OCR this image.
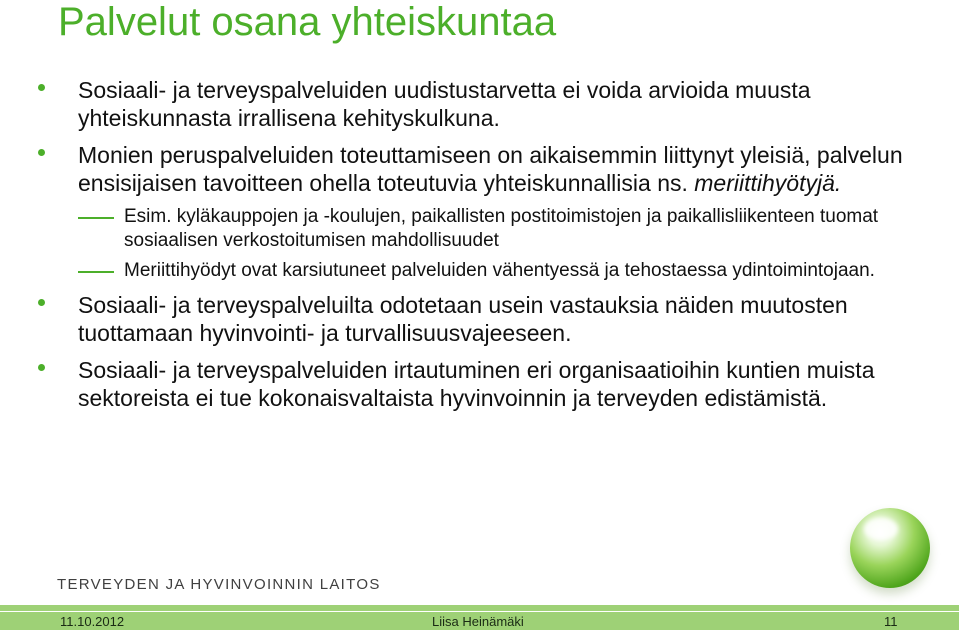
Palvelut osana yhteiskuntaa
Sosiaali- ja terveyspalveluiden uudistustarvetta ei voida arvioida muusta yhteiskunnasta irrallisena kehityskulkuna.
Monien peruspalveluiden toteuttamiseen on aikaisemmin liittynyt yleisiä, palvelun ensisijaisen tavoitteen ohella toteutuvia yhteiskunnallisia ns. meriittihyötyjä.
Esim. kyläkauppojen ja -koulujen, paikallisten postitoimistojen ja paikallisliikenteen tuomat sosiaalisen verkostoitumisen mahdollisuudet
Meriittihyödyt ovat karsiutuneet palveluiden vähentyessä ja tehostaessa ydintoimintojaan.
Sosiaali- ja terveyspalveluilta odotetaan usein vastauksia näiden muutosten tuottamaan hyvinvointi- ja turvallisuusvajeeseen.
Sosiaali- ja terveyspalveluiden irtautuminen eri organisaatioihin kuntien muista sektoreista ei tue kokonaisvaltaista hyvinvoinnin ja terveyden edistämistä.
TERVEYDEN JA HYVINVOINNIN LAITOS
11.10.2012	Liisa Heinämäki	11
